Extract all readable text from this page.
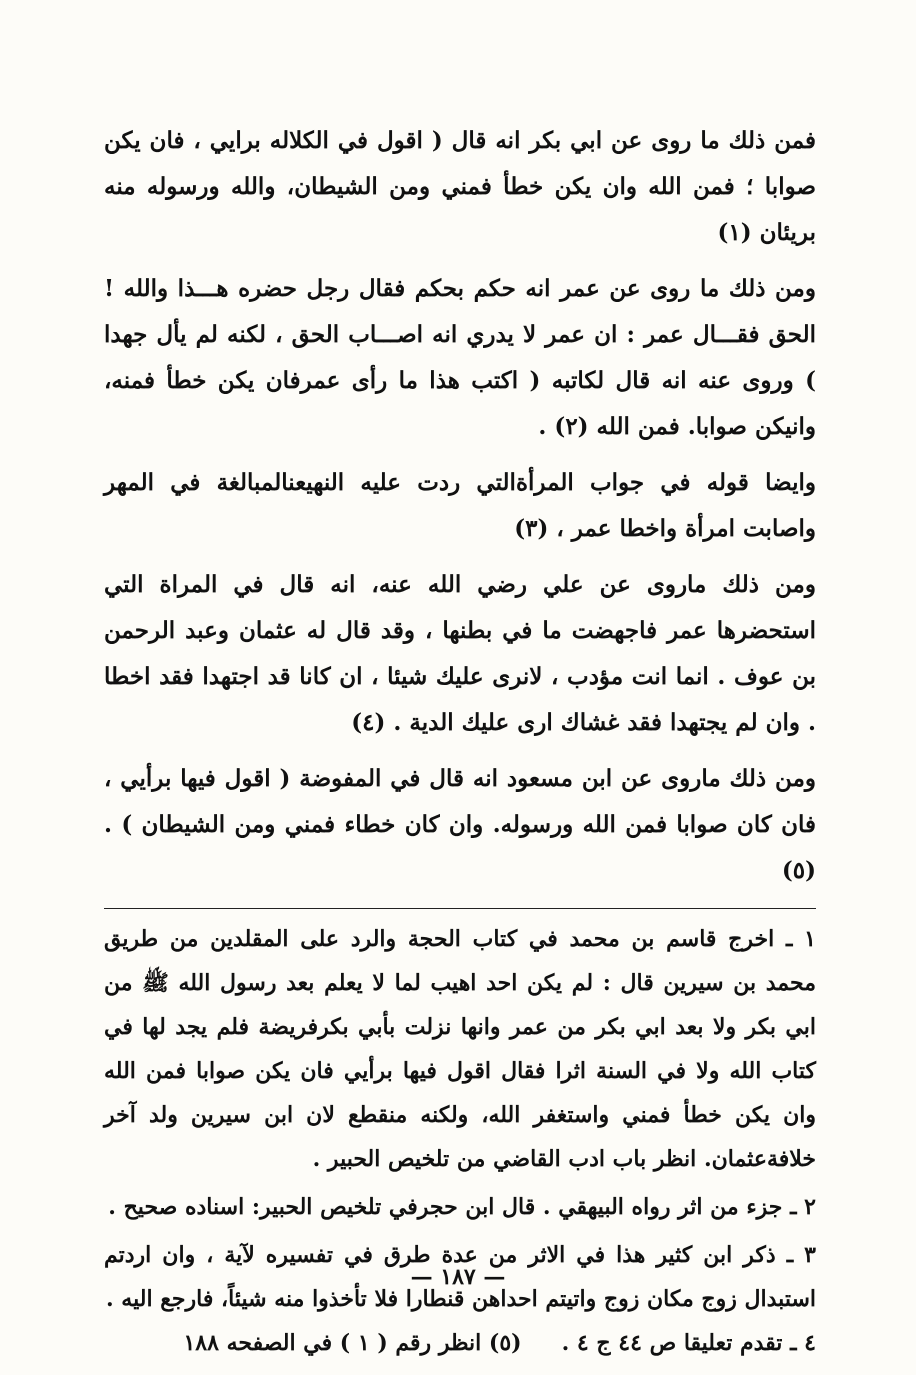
فمن ذلك ما روى عن ابي بكر انه قال ( اقول في الكلاله برايي ، فان يكن صوابا ؛ فمن الله وان يكن خطأ فمني ومن الشيطان، والله ورسوله منه بريئان (١)

ومن ذلك ما روى عن عمر انه حكم بحكم فقال رجل حضره هـــذا والله ! الحق فقـــال عمر : ان عمر لا يدري انه اصـــاب الحق ، لكنه لم يأل جهدا ) وروى عنه انه قال لكاتبه ( اكتب هذا ما رأى عمرفان يكن خطأ فمنه، وانيكن صوابا. فمن الله (٢) .

وايضا قوله في جواب المرأةالتي ردت عليه النهيعنالمبالغة في المهر واصابت امرأة واخطا عمر ، (٣)

ومن ذلك ماروى عن علي رضي الله عنه، انه قال في المراة التي استحضرها عمر فاجهضت ما في بطنها ، وقد قال له عثمان وعبد الرحمن بن عوف . انما انت مؤدب ، لانرى عليك شيئا ، ان كانا قد اجتهدا فقد اخطا . وان لم يجتهدا فقد غشاك ارى عليك الدية . (٤)

ومن ذلك ماروى عن ابن مسعود انه قال في المفوضة ( اقول فيها برأيي ، فان كان صوابا فمن الله ورسوله. وان كان خطاء فمني ومن الشيطان ) . (٥)

١ ـ اخرج قاسم بن محمد في كتاب الحجة والرد على المقلدين من طريق محمد بن سيرين قال : لم يكن احد اهيب لما لا يعلم بعد رسول الله ﷺ من ابي بكر ولا بعد ابي بكر من عمر وانها نزلت بأبي بكرفريضة فلم يجد لها في كتاب الله ولا في السنة اثرا فقال اقول فيها برأيي فان يكن صوابا فمن الله وان يكن خطأ فمني واستغفر الله، ولكنه منقطع لان ابن سيرين ولد آخر خلافةعثمان. انظر باب ادب القاضي من تلخيص الحبير .

٢ ـ جزء من اثر رواه البيهقي . قال ابن حجرفي تلخيص الحبير: اسناده صحيح .

٣ ـ ذكر ابن كثير هذا في الاثر من عدة طرق في تفسيره لآية ، وان اردتم استبدال زوج مكان زوج واتيتم احداهن قنطارا فلا تأخذوا منه شيئاً، فارجع اليه .

٤ ـ تقدم تعليقا ص ٤٤ ج ٤ .
(٥) انظر رقم ( ١ ) في الصفحه ١٨٨
— ١٨٧ —
